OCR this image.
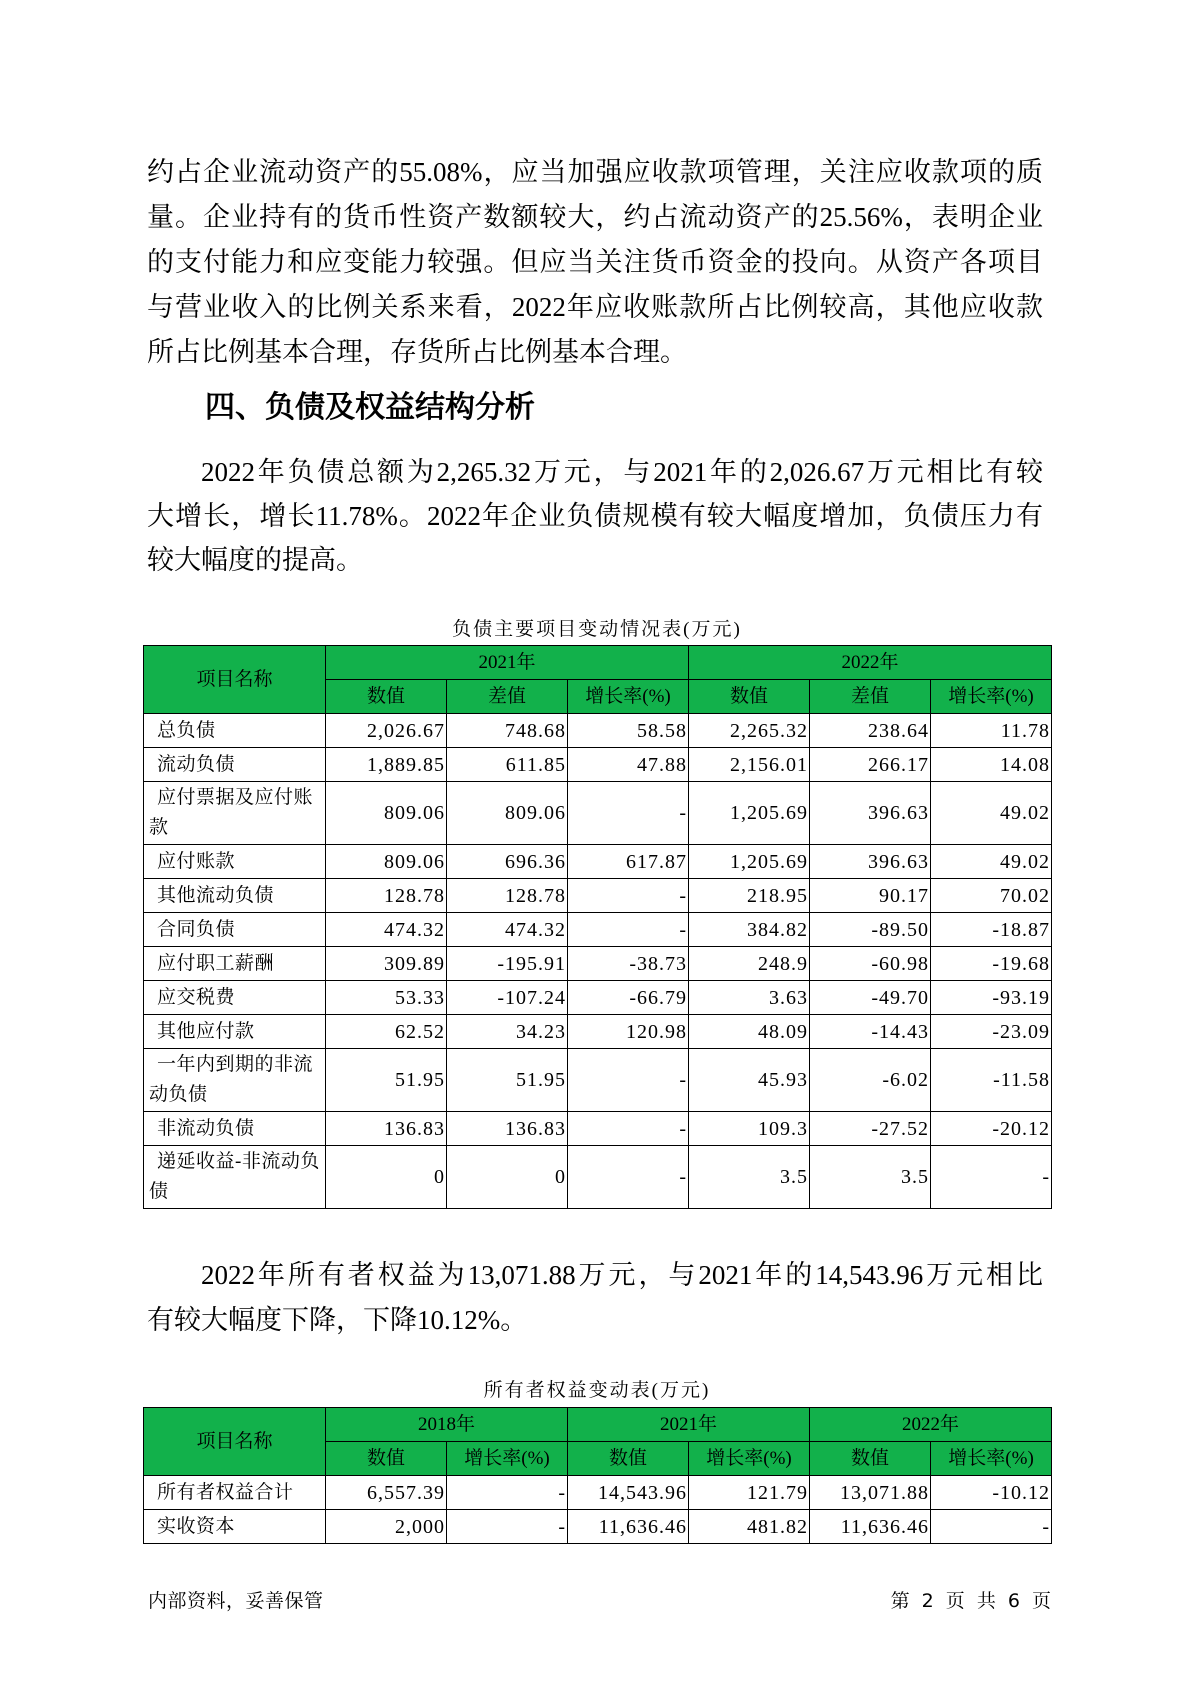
约占企业流动资产的55.08%，应当加强应收款项管理，关注应收款项的质
量。企业持有的货币性资产数额较大，约占流动资产的25.56%，表明企业
的支付能力和应变能力较强。但应当关注货币资金的投向。从资产各项目
与营业收入的比例关系来看，2022年应收账款所占比例较高，其他应收款
所占比例基本合理，存货所占比例基本合理。
四、负债及权益结构分析
2022年负债总额为2,265.32万元，与2021年的2,026.67万元相比有较
大增长，增长11.78%。2022年企业负债规模有较大幅度增加，负债压力有
较大幅度的提高。
负债主要项目变动情况表(万元)
项目名称	2021年			2022年		
	数值	差值	增长率(%)	数值	差值	增长率(%)
总负债	2,026.67	748.68	58.58	2,265.32	238.64	11.78
流动负债	1,889.85	611.85	47.88	2,156.01	266.17	14.08
应付票据及应付账款	809.06	809.06	-	1,205.69	396.63	49.02
应付账款	809.06	696.36	617.87	1,205.69	396.63	49.02
其他流动负债	128.78	128.78	-	218.95	90.17	70.02
合同负债	474.32	474.32	-	384.82	-89.50	-18.87
应付职工薪酬	309.89	-195.91	-38.73	248.9	-60.98	-19.68
应交税费	53.33	-107.24	-66.79	3.63	-49.70	-93.19
其他应付款	62.52	34.23	120.98	48.09	-14.43	-23.09
一年内到期的非流动负债	51.95	51.95	-	45.93	-6.02	-11.58
非流动负债	136.83	136.83	-	109.3	-27.52	-20.12
递延收益-非流动负债	0	0	-	3.5	3.5	-
2022年所有者权益为13,071.88万元，与2021年的14,543.96万元相比
有较大幅度下降，下降10.12%。
所有者权益变动表(万元)
项目名称	2018年		2021年		2022年	
	数值	增长率(%)	数值	增长率(%)	数值	增长率(%)
所有者权益合计	6,557.39	-	14,543.96	121.79	13,071.88	-10.12
实收资本	2,000	-	11,636.46	481.82	11,636.46	-
内部资料，妥善保管	第 2 页 共 6 页
